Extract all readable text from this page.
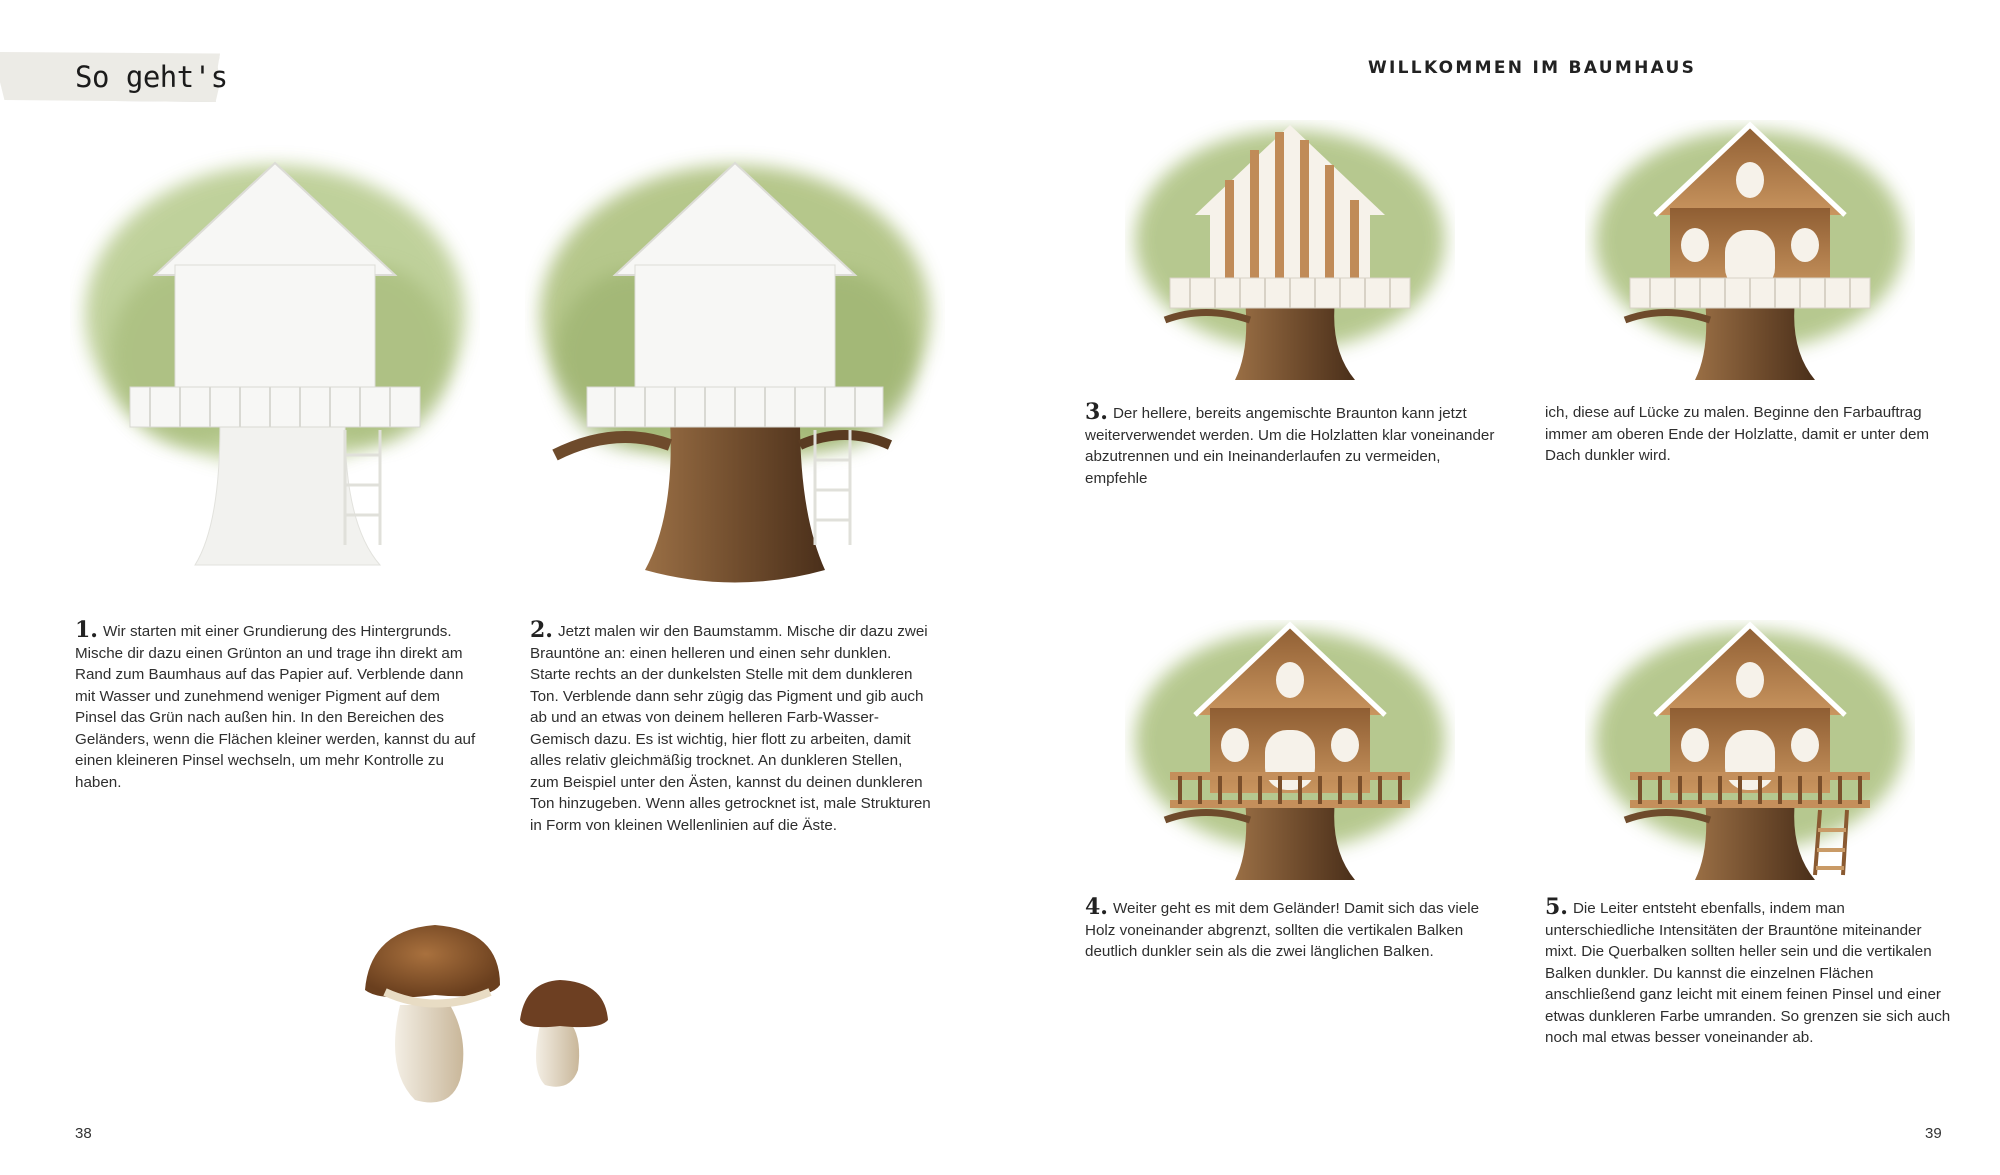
So geht's
1. Wir starten mit einer Grundierung des Hintergrunds. Mische dir dazu einen Grünton an und trage ihn direkt am Rand zum Baumhaus auf das Papier auf. Verblende dann mit Wasser und zunehmend weniger Pigment auf dem Pinsel das Grün nach außen hin. In den Bereichen des Geländers, wenn die Flächen kleiner werden, kannst du auf einen kleineren Pinsel wechseln, um mehr Kontrolle zu haben.
2. Jetzt malen wir den Baumstamm. Mische dir dazu zwei Brauntöne an: einen helleren und einen sehr dunklen. Starte rechts an der dunkelsten Stelle mit dem dunkleren Ton. Verblende dann sehr zügig das Pigment und gib auch ab und an etwas von deinem helleren Farb-Wasser-Gemisch dazu. Es ist wichtig, hier flott zu arbeiten, damit alles relativ gleichmäßig trocknet. An dunkleren Stellen, zum Beispiel unter den Ästen, kannst du deinen dunkleren Ton hinzugeben. Wenn alles getrocknet ist, male Strukturen in Form von kleinen Wellenlinien auf die Äste.
38
WILLKOMMEN IM BAUMHAUS
3. Der hellere, bereits angemischte Braunton kann jetzt weiterverwendet werden. Um die Holzlatten klar voneinander abzutrennen und ein Ineinanderlaufen zu vermeiden, empfehle
ich, diese auf Lücke zu malen. Beginne den Farbauftrag immer am oberen Ende der Holzlatte, damit er unter dem Dach dunkler wird.
4. Weiter geht es mit dem Geländer! Damit sich das viele Holz voneinander abgrenzt, sollten die vertikalen Balken deutlich dunkler sein als die zwei länglichen Balken.
5. Die Leiter entsteht ebenfalls, indem man unterschiedliche Intensitäten der Brauntöne miteinander mixt. Die Querbalken sollten heller sein und die vertikalen Balken dunkler. Du kannst die einzelnen Flächen anschließend ganz leicht mit einem feinen Pinsel und einer etwas dunkleren Farbe umranden. So grenzen sie sich auch noch mal etwas besser voneinander ab.
39
